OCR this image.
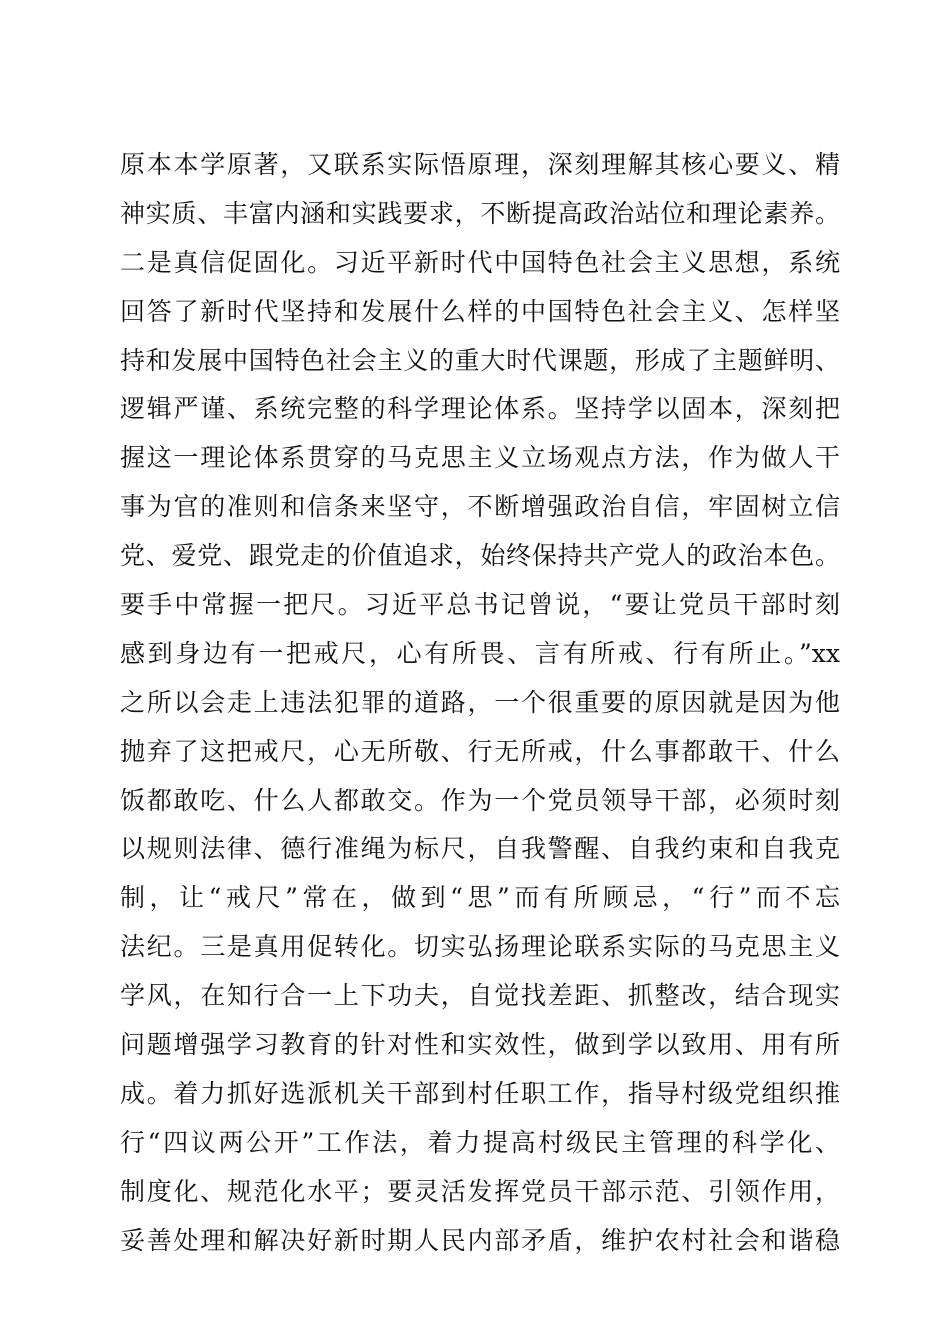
原本本学原著，又联系实际悟原理，深刻理解其核心要义、精
神实质、丰富内涵和实践要求，不断提高政治站位和理论素养。
二是真信促固化。习近平新时代中国特色社会主义思想，系统
回答了新时代坚持和发展什么样的中国特色社会主义、怎样坚
持和发展中国特色社会主义的重大时代课题，形成了主题鲜明、
逻辑严谨、系统完整的科学理论体系。坚持学以固本，深刻把
握这一理论体系贯穿的马克思主义立场观点方法，作为做人干
事为官的准则和信条来坚守，不断增强政治自信，牢固树立信
党、爱党、跟党走的价值追求，始终保持共产党人的政治本色。
要手中常握一把尺。习近平总书记曾说，“要让党员干部时刻
感到身边有一把戒尺，心有所畏、言有所戒、行有所止。”xx
之所以会走上违法犯罪的道路，一个很重要的原因就是因为他
抛弃了这把戒尺，心无所敬、行无所戒，什么事都敢干、什么
饭都敢吃、什么人都敢交。作为一个党员领导干部，必须时刻
以规则法律、德行准绳为标尺，自我警醒、自我约束和自我克
制，让“戒尺”常在，做到“思”而有所顾忌，“行”而不忘
法纪。三是真用促转化。切实弘扬理论联系实际的马克思主义
学风，在知行合一上下功夫，自觉找差距、抓整改，结合现实
问题增强学习教育的针对性和实效性，做到学以致用、用有所
成。着力抓好选派机关干部到村任职工作，指导村级党组织推
行“四议两公开”工作法，着力提高村级民主管理的科学化、
制度化、规范化水平；要灵活发挥党员干部示范、引领作用，
妥善处理和解决好新时期人民内部矛盾，维护农村社会和谐稳
